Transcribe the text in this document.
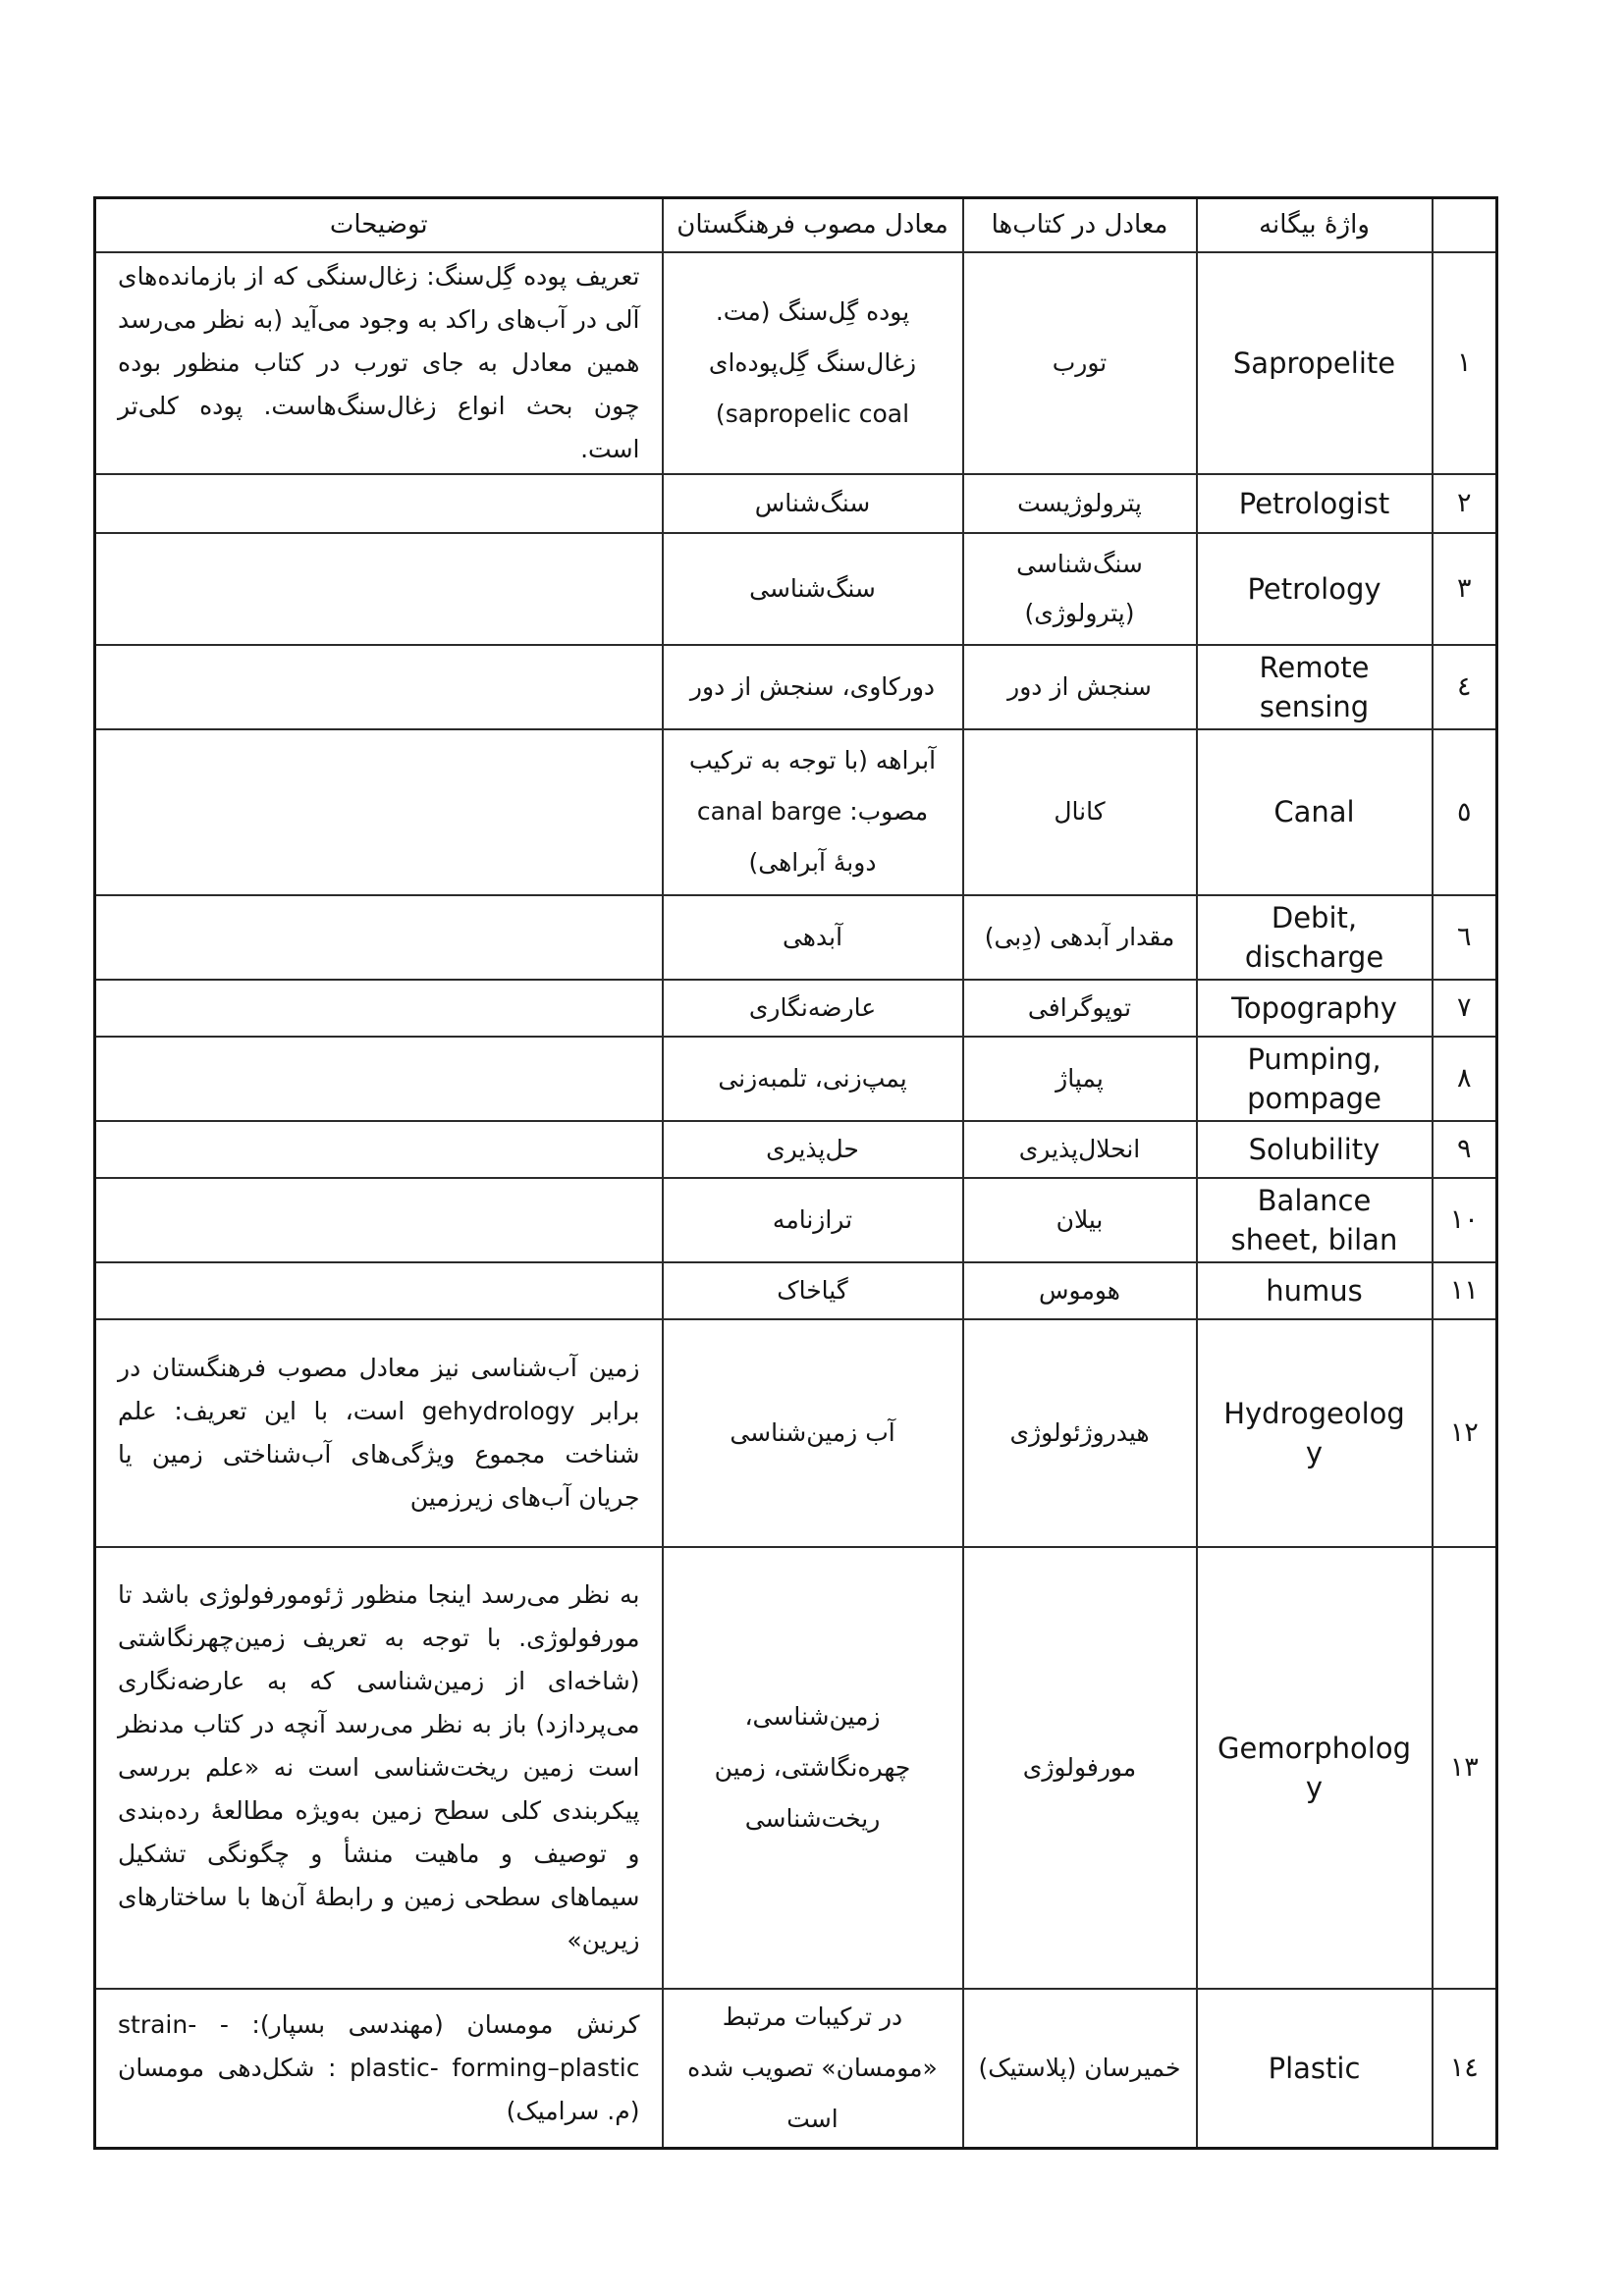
	واژهٔ بیگانه	معادل در کتاب‌ها	معادل مصوب فرهنگستان	توضیحات
۱	Sapropelite	تورب	پوده گِل‌سنگ (مت. زغال‌سنگ گِل‌پوده‌ای sapropelic coal)	تعریف پوده گِل‌سنگ: زغال‌سنگی که از بازمانده‌های آلی در آب‌های راکد به وجود می‌آید (به نظر می‌رسد همین معادل به جای تورب در کتاب منظور بوده چون بحث انواع زغال‌سنگ‌هاست. پوده کلی‌تر است.
۲	Petrologist	پترولوژیست	سنگ‌شناس	
۳	Petrology	سنگ‌شناسی (پترولوژی)	سنگ‌شناسی	
٤	Remote sensing	سنجش از دور	دورکاوی، سنجش از دور	
٥	Canal	کانال	آبراهه (با توجه به ترکیب مصوب: canal barge دوبهٔ آبراهی)	
٦	Debit, discharge	مقدار آبدهی (دِبی)	آبدهی	
٧	Topography	توپوگرافی	عارضه‌نگاری	
٨	Pumping, pompage	پمپاژ	پمپ‌زنی، تلمبه‌زنی	
٩	Solubility	انحلال‌پذیری	حل‌پذیری	
۱۰	Balance sheet, bilan	بیلان	ترازنامه	
۱۱	humus	هوموس	گیاخاک	
۱۲	Hydrogeology	هیدروژئولوژی	آب زمین‌شناسی	زمین آب‌شناسی نیز معادل مصوب فرهنگستان در برابر gehydrology است، با این تعریف: علم شناخت مجموع ویژگی‌های آب‌شناختی زمین یا جریان آب‌های زیرزمین
۱۳	Gemorphology	مورفولوژی	زمین‌شناسی، چهره‌نگاشتی، زمین ریخت‌شناسی	به نظر می‌رسد اینجا منظور ژئومورفولوژی باشد تا مورفولوژی. با توجه به تعریف زمین‌چهرنگاشتی (شاخه‌ای از زمین‌شناسی که به عارضه‌نگاری می‌پردازد) باز به نظر می‌رسد آنچه در کتاب مدنظر است زمین ریخت‌شناسی است نه «علم بررسی پیکربندی کلی سطح زمین به‌ویژه مطالعهٔ رده‌بندی و توصیف و ماهیت منشأ و چگونگی تشکیل سیماهای سطحی زمین و رابطهٔ آن‌ها با ساختارهای زیرین»
۱٤	Plastic	خمیرسان (پلاستیک)	در ترکیبات مرتبط «مومسان» تصویب شده است	کرنش مومسان (مهندسی بسپار): ‭strain- -plastic-‬ ‭forming–plastic‬ : شکل‌دهی مومسان (م. سرامیک)
